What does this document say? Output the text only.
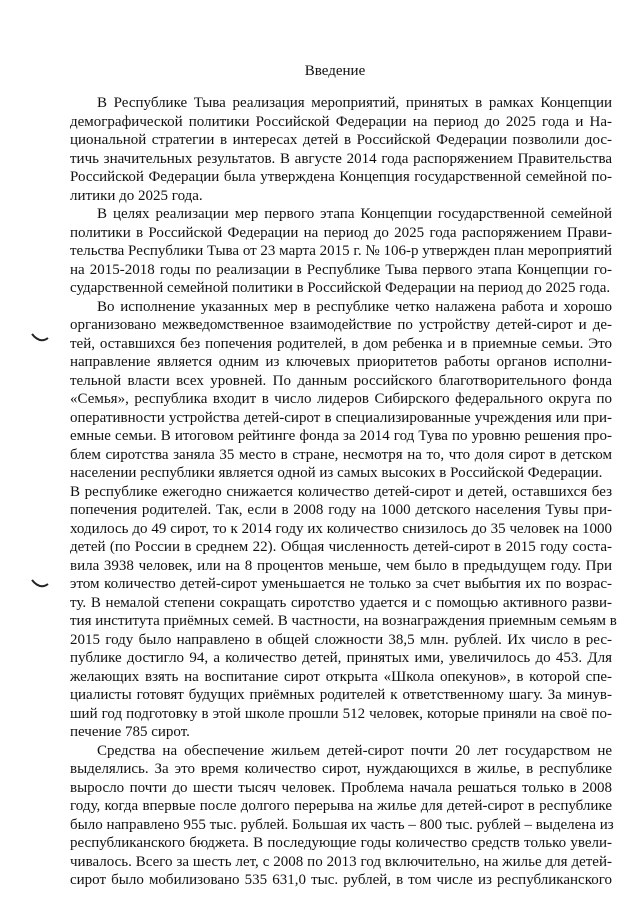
Введение
В Республике Тыва реализация мероприятий, принятых в рамках Концепции
демографической политики Российской Федерации на период до 2025 года и На-
циональной стратегии в интересах детей в Российской Федерации позволили дос-
тичь значительных результатов. В августе 2014 года распоряжением Правительства
Российской Федерации была утверждена Концепция государственной семейной по-
литики до 2025 года.
В целях реализации мер первого этапа Концепции государственной семейной
политики в Российской Федерации на период до 2025 года распоряжением Прави-
тельства Республики Тыва от 23 марта 2015 г. № 106-р утвержден план мероприятий
на 2015-2018 годы по реализации в Республике Тыва первого этапа Концепции го-
сударственной семейной политики в Российской Федерации на период до 2025 года.
Во исполнение указанных мер в республике четко налажена работа и хорошо
организовано межведомственное взаимодействие по устройству детей-сирот и де-
тей, оставшихся без попечения родителей, в дом ребенка и в приемные семьи. Это
направление является одним из ключевых приоритетов работы органов исполни-
тельной власти всех уровней. По данным российского благотворительного фонда
«Семья», республика входит в число лидеров Сибирского федерального округа по
оперативности устройства детей-сирот в специализированные учреждения или при-
емные семьи. В итоговом рейтинге фонда за 2014 год Тува по уровню решения про-
блем сиротства заняла 35 место в стране, несмотря на то, что доля сирот в детском
населении республики является одной из самых высоких в Российской Федерации.
В республике ежегодно снижается количество детей-сирот и детей, оставшихся без
попечения родителей. Так, если в 2008 году на 1000 детского населения Тувы при-
ходилось до 49 сирот, то к 2014 году их количество снизилось до 35 человек на 1000
детей (по России в среднем 22). Общая численность детей-сирот в 2015 году соста-
вила 3938 человек, или на 8 процентов меньше, чем было в предыдущем году. При
этом количество детей-сирот уменьшается не только за счет выбытия их по возрас-
ту. В немалой степени сокращать сиротство удается и с помощью активного разви-
тия института приёмных семей. В частности, на вознаграждения приемным семьям в
2015 году было направлено в общей сложности 38,5 млн. рублей. Их число в рес-
публике достигло 94, а количество детей, принятых ими, увеличилось до 453. Для
желающих взять на воспитание сирот открыта «Школа опекунов», в которой спе-
циалисты готовят будущих приёмных родителей к ответственному шагу. За минув-
ший год подготовку в этой школе прошли 512 человек, которые приняли на своё по-
печение 785 сирот.
Средства на обеспечение жильем детей-сирот почти 20 лет государством не
выделялись. За это время количество сирот, нуждающихся в жилье, в республике
выросло почти до шести тысяч человек. Проблема начала решаться только в 2008
году, когда впервые после долгого перерыва на жилье для детей-сирот в республике
было направлено 955 тыс. рублей. Большая их часть – 800 тыс. рублей – выделена из
республиканского бюджета. В последующие годы количество средств только увели-
чивалось. Всего за шесть лет, с 2008 по 2013 год включительно, на жилье для детей-
сирот было мобилизовано 535 631,0 тыс. рублей, в том числе из республиканского
